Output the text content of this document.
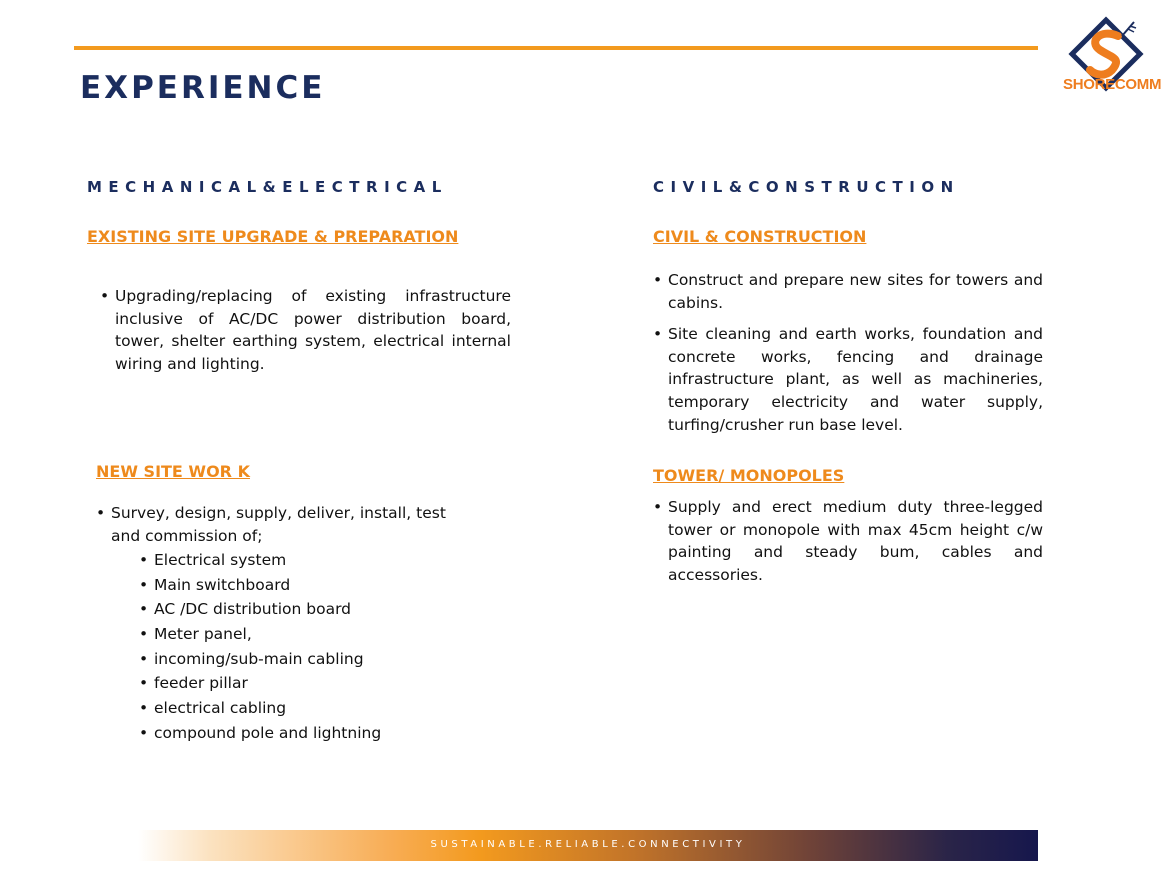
EXPERIENCE	SHORECOMM
MECHANICAL&ELECTRICAL
EXISTING SITE UPGRADE & PREPARATION
• Upgrading/replacing of existing infrastructure inclusive of AC/DC power distribution board, tower, shelter earthing system, electrical internal wiring and lighting.
NEW SITE WOR K
• Survey, design, supply, deliver, install, test and commission of;
• Electrical system
• Main switchboard
• AC /DC distribution board
• Meter panel,
• incoming/sub-main cabling
• feeder pillar
• electrical cabling
• compound pole and lightning
CIVIL&CONSTRUCTION
CIVIL & CONSTRUCTION
• Construct and prepare new sites for towers and cabins.
• Site cleaning and earth works, foundation and concrete works, fencing and drainage infrastructure plant, as well as machineries, temporary electricity and water supply, turfing/crusher run base level.
TOWER/ MONOPOLES
• Supply and erect medium duty three-legged tower or monopole with max 45cm height c/w painting and steady bum, cables and accessories.
SUSTAINABLE.RELIABLE.CONNECTIVITY
